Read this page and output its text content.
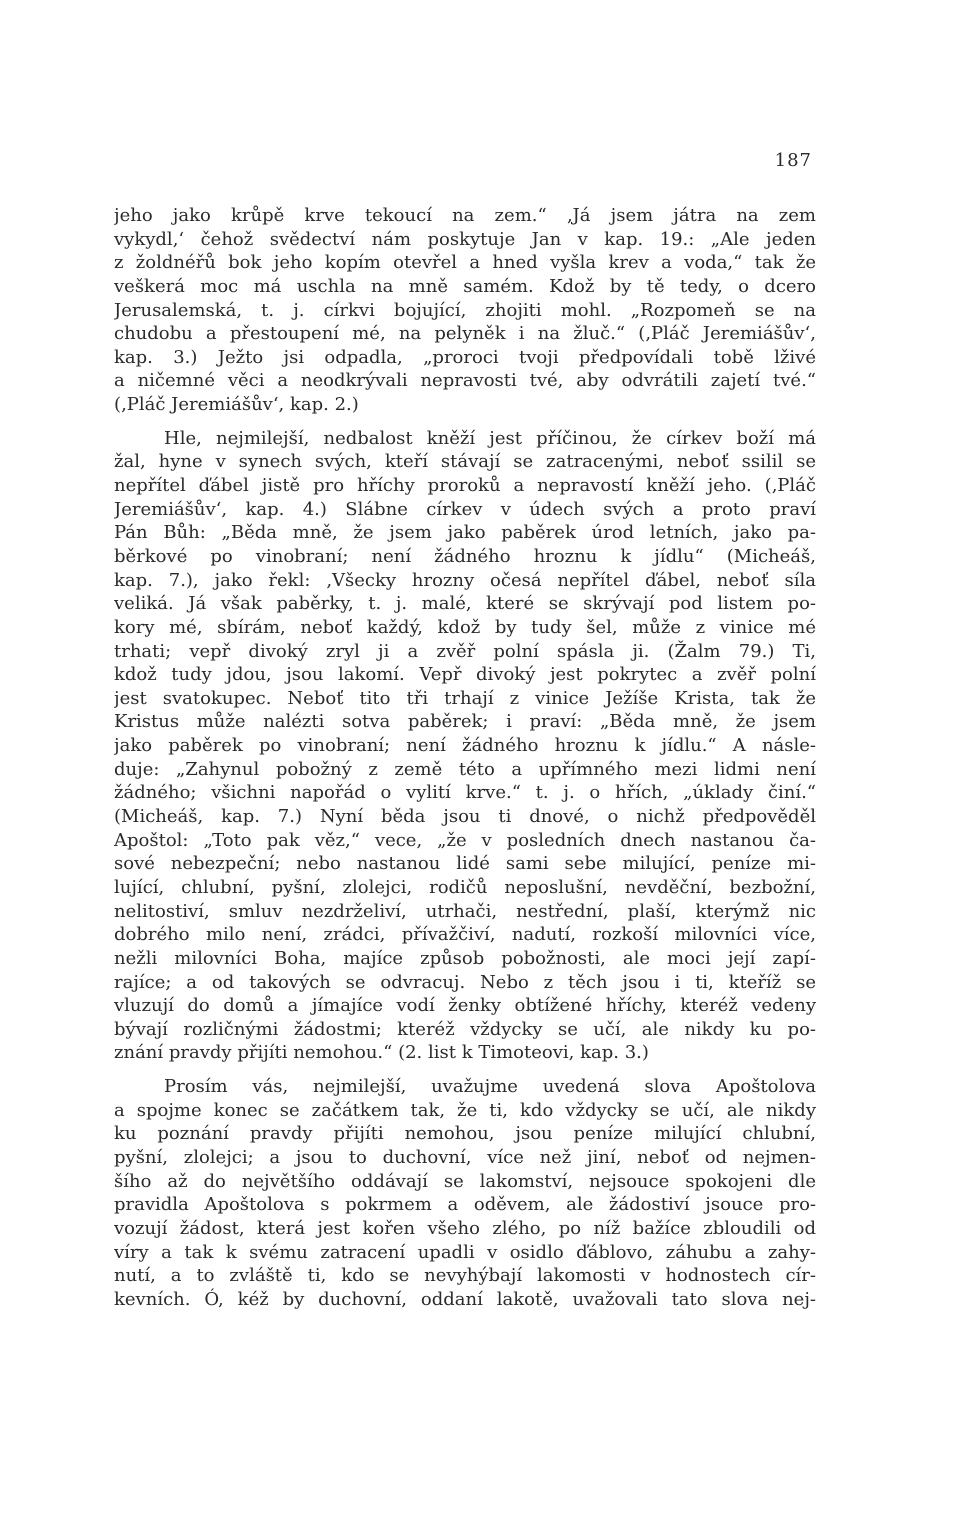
187
jeho jako krůpě krve tekoucí na zem.“ ‚Já jsem játra na zem
vykydl,‘ čehož svědectví nám poskytuje Jan v kap. 19.: „Ale jeden
z žoldnéřů bok jeho kopím otevřel a hned vyšla krev a voda,“ tak že
veškerá moc má uschla na mně samém. Kdož by tě tedy, o dcero
Jerusalemská, t. j. církvi bojující, zhojiti mohl. „Rozpomeň se na
chudobu a přestoupení mé, na pelyněk i na žluč.“ (‚Pláč Jeremiášův‘,
kap. 3.) Ježto jsi odpadla, „proroci tvoji předpovídali tobě lživé
a ničemné věci a neodkrývali nepravosti tvé, aby odvrátili zajetí tvé.“
(‚Pláč Jeremiášův‘, kap. 2.)
Hle, nejmilejší, nedbalost kněží jest příčinou, že církev boží má
žal, hyne v synech svých, kteří stávají se zatracenými, neboť ssilil se
nepřítel ďábel jistě pro hříchy proroků a nepravostí kněží jeho. (‚Pláč
Jeremiášův‘, kap. 4.) Slábne církev v údech svých a proto praví
Pán Bůh: „Běda mně, že jsem jako paběrek úrod letních, jako pa-
běrkové po vinobraní; není žádného hroznu k jídlu“ (Micheáš,
kap. 7.), jako řekl: ‚Všecky hrozny očesá nepřítel ďábel, neboť síla
veliká. Já však paběrky, t. j. malé, které se skrývají pod listem po-
kory mé, sbírám, neboť každý, kdož by tudy šel, může z vinice mé
trhati; vepř divoký zryl ji a zvěř polní spásla ji. (Žalm 79.) Ti,
kdož tudy jdou, jsou lakomí. Vepř divoký jest pokrytec a zvěř polní
jest svatokupec. Neboť tito tři trhají z vinice Ježíše Krista, tak že
Kristus může nalézti sotva paběrek; i praví: „Běda mně, že jsem
jako paběrek po vinobraní; není žádného hroznu k jídlu.“ A násle-
duje: „Zahynul pobožný z země této a upřímného mezi lidmi není
žádného; všichni napořád o vylití krve.“ t. j. o hřích, „úklady činí.“
(Micheáš, kap. 7.) Nyní běda jsou ti dnové, o nichž předpověděl
Apoštol: „Toto pak věz,“ vece, „že v posledních dnech nastanou ča-
sové nebezpeční; nebo nastanou lidé sami sebe milující, peníze mi-
lující, chlubní, pyšní, zlolejci, rodičů neposlušní, nevděční, bezbožní,
nelitostiví, smluv nezdrželiví, utrhači, nestřední, plaší, kterýmž nic
dobrého milo není, zrádci, přívažčiví, nadutí, rozkoší milovníci více,
nežli milovníci Boha, majíce způsob pobožnosti, ale moci její zapí-
rajíce; a od takových se odvracuj. Nebo z těch jsou i ti, kteříž se
vluzují do domů a jímajíce vodí ženky obtížené hříchy, kteréž vedeny
bývají rozličnými žádostmi; kteréž vždycky se učí, ale nikdy ku po-
znání pravdy přijíti nemohou.“ (2. list k Timoteovi, kap. 3.)
Prosím vás, nejmilejší, uvažujme uvedená slova Apoštolova
a spojme konec se začátkem tak, že ti, kdo vždycky se učí, ale nikdy
ku poznání pravdy přijíti nemohou, jsou peníze milující chlubní,
pyšní, zlolejci; a jsou to duchovní, více než jiní, neboť od nejmen-
šího až do největšího oddávají se lakomství, nejsouce spokojeni dle
pravidla Apoštolova s pokrmem a oděvem, ale žádostiví jsouce pro-
vozují žádost, která jest kořen všeho zlého, po níž bažíce zbloudili od
víry a tak k svému zatracení upadli v osidlo ďáblovo, záhubu a zahy-
nutí, a to zvláště ti, kdo se nevyhýbají lakomosti v hodnostech cír-
kevních. Ó, kéž by duchovní, oddaní lakotě, uvažovali tato slova nej-
